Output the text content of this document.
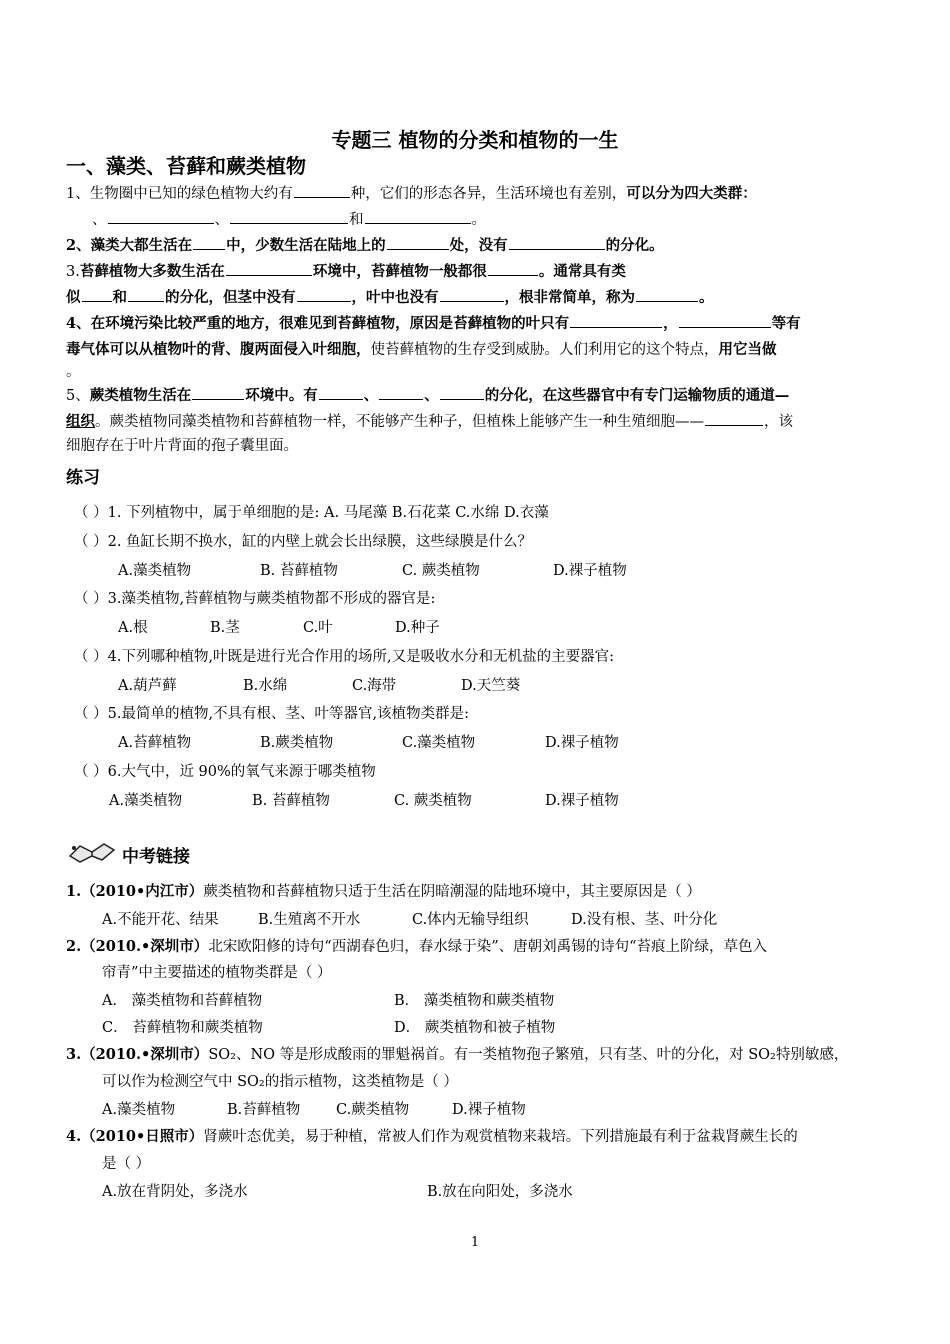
专题三 植物的分类和植物的一生
一、藻类、苔藓和蕨类植物
1、生物圈中已知的绿色植物大约有	种，它们的形态各异，生活环境也有差别，可以分为四大类群：
、	、	和	。
2、藻类大都生活在 中，少数生活在陆地上的	处，没有	的分化。
3.苔藓植物大多数生活在	环境中，苔藓植物一般都很	。通常具有类
似 和	的分化，但茎中没有	，叶中也没有	，根非常简单，称为	。
4、在环境污染比较严重的地方，很难见到苔藓植物，原因是苔藓植物的叶只有	，	等有
毒气体可以从植物叶的背、腹两面侵入叶细胞，使苔藓植物的生存受到威胁。人们利用它的这个特点，用它当做
。
5、蕨类植物生活在	环境中。有	、	、	的分化，在这些器官中有专门运输物质的通道—
组织。蕨类植物同藻类植物和苔藓植物一样，不能够产生种子，但植株上能够产生一种生殖细胞——	，该
细胞存在于叶片背面的孢子囊里面。
练习
（ ）1. 下列植物中，属于单细胞的是: A. 马尾藻 B.石花菜 C.水绵 D.衣藻
（ ）2. 鱼缸长期不换水，缸的内壁上就会长出绿膜，这些绿膜是什么？
A.藻类植物	B. 苔藓植物	C. 蕨类植物	D.裸子植物
（ ）3.藻类植物,苔藓植物与蕨类植物都不形成的器官是:
A.根	B.茎	C.叶	D.种子
（ ）4.下列哪种植物,叶既是进行光合作用的场所,又是吸收水分和无机盐的主要器官:
A.葫芦藓	B.水绵	C.海带	D.天竺葵
（ ）5.最简单的植物,不具有根、茎、叶等器官,该植物类群是:
A.苔藓植物	B.蕨类植物	C.藻类植物	D.裸子植物
（ ）6.大气中，近 90%的氧气来源于哪类植物
A.藻类植物	B. 苔藓植物	C. 蕨类植物	D.裸子植物
中考链接
1.（2010•内江市）蕨类植物和苔藓植物只适于生活在阴暗潮湿的陆地环境中，其主要原因是（ ）
A.不能开花、结果	B.生殖离不开水	C.体内无输导组织	D.没有根、茎、叶分化
2.（2010.•深圳市）北宋欧阳修的诗句“西湖春色归，春水绿于染”、唐朝刘禹锡的诗句“苔痕上阶绿，草色入
帘青”中主要描述的植物类群是（ ）
A． 藻类植物和苔藓植物	B． 藻类植物和蕨类植物
C． 苔藓植物和蕨类植物	D． 蕨类植物和被子植物
3.（2010.•深圳市）SO₂、NO 等是形成酸雨的罪魁祸首。有一类植物孢子繁殖，只有茎、叶的分化，对 SO₂特别敏感，
可以作为检测空气中 SO₂的指示植物，这类植物是（ ）
A.藻类植物	B.苔藓植物 C.蕨类植物	D.裸子植物
4.（2010•日照市）肾蕨叶态优美，易于种植，常被人们作为观赏植物来栽培。下列措施最有利于盆栽肾蕨生长的
是（ ）
A.放在背阴处，多浇水	B.放在向阳处，多浇水
1
